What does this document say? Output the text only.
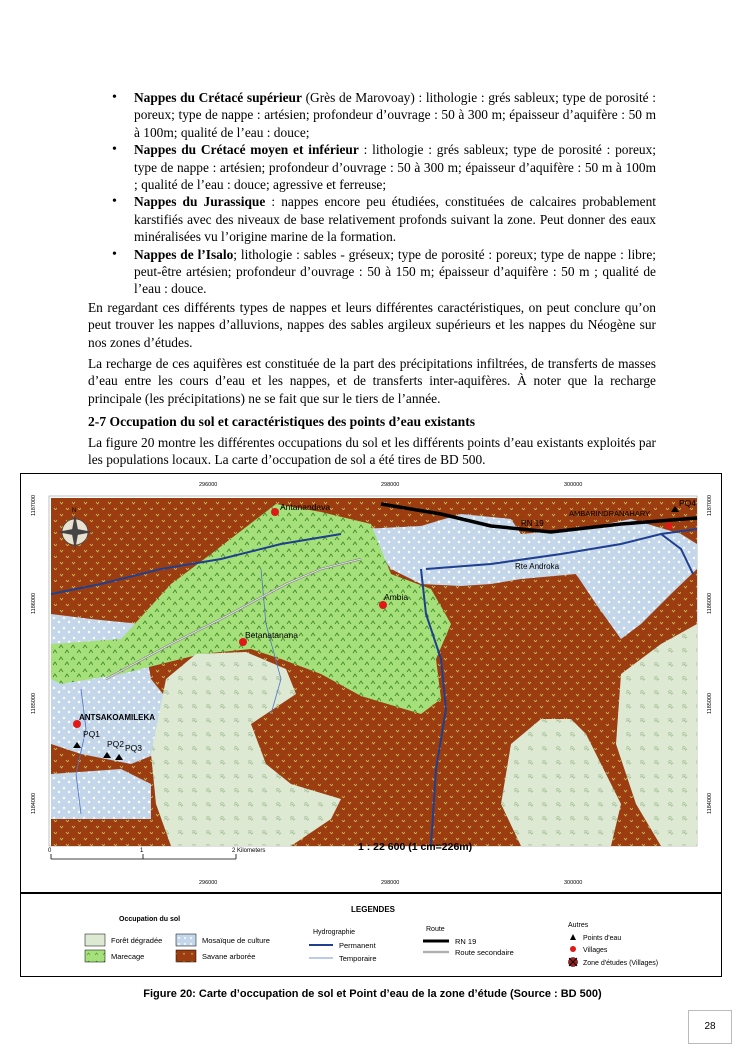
• Nappes du Crétacé supérieur (Grès de Marovoay) : lithologie : grés sableux; type de porosité : poreux; type de nappe : artésien; profondeur d’ouvrage : 50 à 300 m; épaisseur d’aquifère : 50 m à 100m; qualité de l’eau : douce;
• Nappes du Crétacé moyen et inférieur : lithologie : grés sableux; type de porosité : poreux; type de nappe : artésien; profondeur d’ouvrage : 50 à 300 m; épaisseur d’aquifère : 50 m à 100m ; qualité de l’eau : douce; agressive et ferreuse;
• Nappes du Jurassique : nappes encore peu étudiées, constituées de calcaires probablement karstifiés avec des niveaux de base relativement profonds suivant la zone. Peut donner des eaux minéralisées vu l’origine marine de la formation.
• Nappes de l’Isalo; lithologie : sables - gréseux; type de porosité : poreux; type de nappe : libre; peut-être artésien; profondeur d’ouvrage : 50 à 150 m; épaisseur d’aquifère : 50 m ; qualité de l’eau : douce.
En regardant ces différents types de nappes et leurs différentes caractéristiques, on peut conclure qu’on peut trouver les nappes d’alluvions, nappes des sables argileux supérieurs et les nappes du Néogène sur nos zones d’études.
La recharge de ces aquifères est constituée de la part des précipitations infiltrées, de transferts de masses d’eau entre les cours d’eau et les nappes, et de transferts inter-aquifères. À noter que la recharge principale (les précipitations) ne se fait que sur le tiers de l’année.
2-7 Occupation du sol et caractéristiques des points d’eau existants
La figure 20 montre les différentes occupations du sol et les différents points d’eau existants exploités par les populations locaux. La carte d’occupation de sol a été tires de BD 500.
RN 19
Rte Androka
Antanandava
AMBARINDRANAHARY
Ambia
Betanatanana
ANTSAKOAMILEKA
PQ4
PQ1
PQ2 PQ3
N
0	1	2 Kilometers	1 : 22 600 (1 cm=226m)
296000	298000	300000
296000	298000	300000
1187000
1186000
1185000
1184000
1187000
1186000
1185000
1184000
LEGENDES
Occupation du sol
Forêt dégradée	Mosaïque de culture
Marecage	Savane arborée
Hydrographie
Permanent
Temporaire
Route
RN 19
Route secondaire
Autres
Points d'eau
Villages
Zone d'études (Villages)
Figure 20: Carte d’occupation de sol et Point d’eau de la zone d’étude (Source : BD 500)
28
